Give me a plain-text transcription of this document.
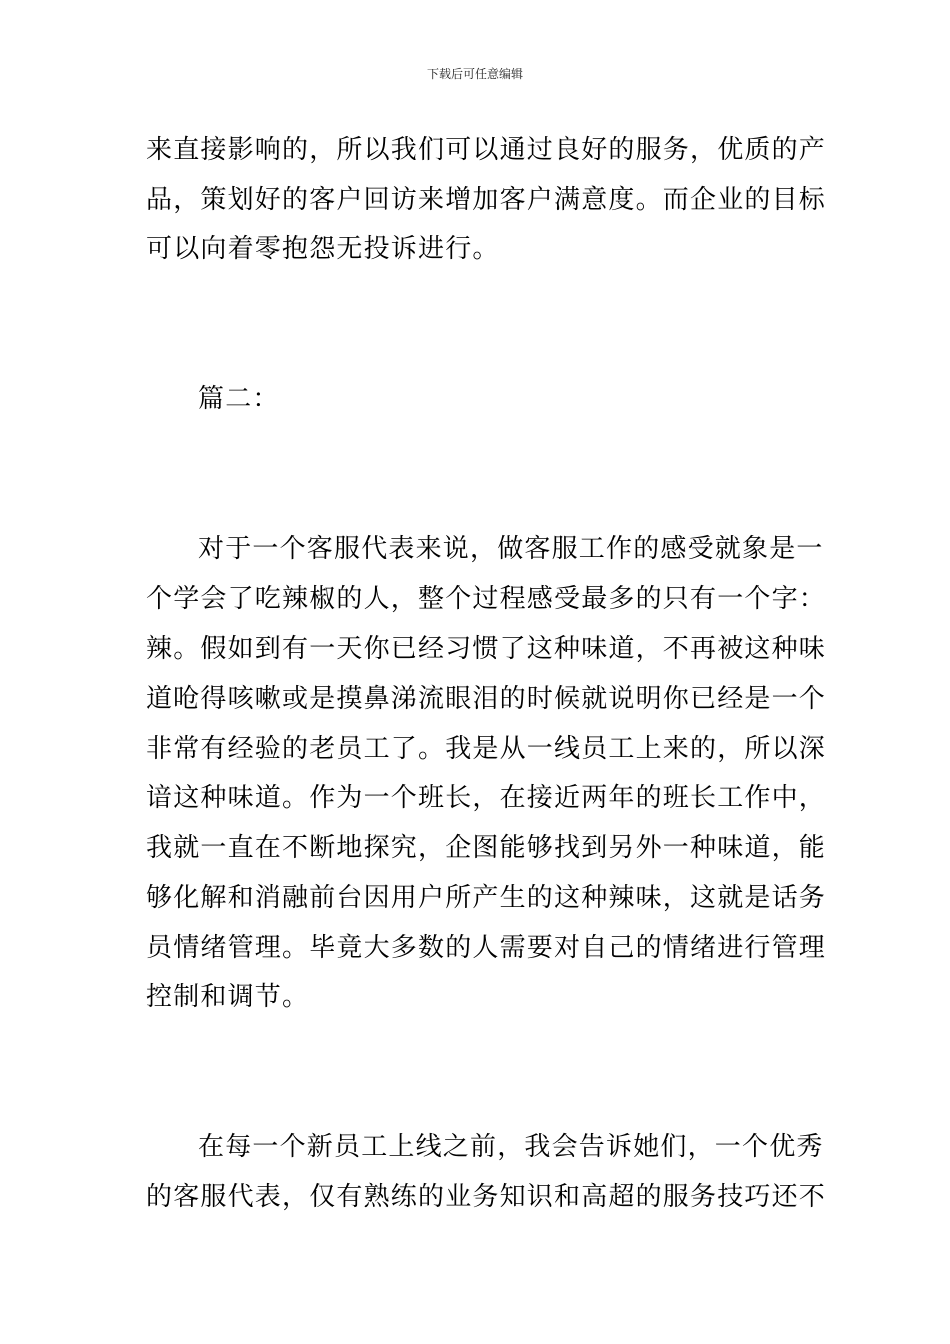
下载后可任意编辑
来直接影响的，所以我们可以通过良好的服务，优质的产
品，策划好的客户回访来增加客户满意度。而企业的目标
可以向着零抱怨无投诉进行。
篇二：
对于一个客服代表来说，做客服工作的感受就象是一
个学会了吃辣椒的人，整个过程感受最多的只有一个字：
辣。假如到有一天你已经习惯了这种味道，不再被这种味
道呛得咳嗽或是摸鼻涕流眼泪的时候就说明你已经是一个
非常有经验的老员工了。我是从一线员工上来的，所以深
谙这种味道。作为一个班长，在接近两年的班长工作中，
我就一直在不断地探究，企图能够找到另外一种味道，能
够化解和消融前台因用户所产生的这种辣味，这就是话务
员情绪管理。毕竟大多数的人需要对自己的情绪进行管理
控制和调节。
在每一个新员工上线之前，我会告诉她们，一个优秀
的客服代表，仅有熟练的业务知识和高超的服务技巧还不
